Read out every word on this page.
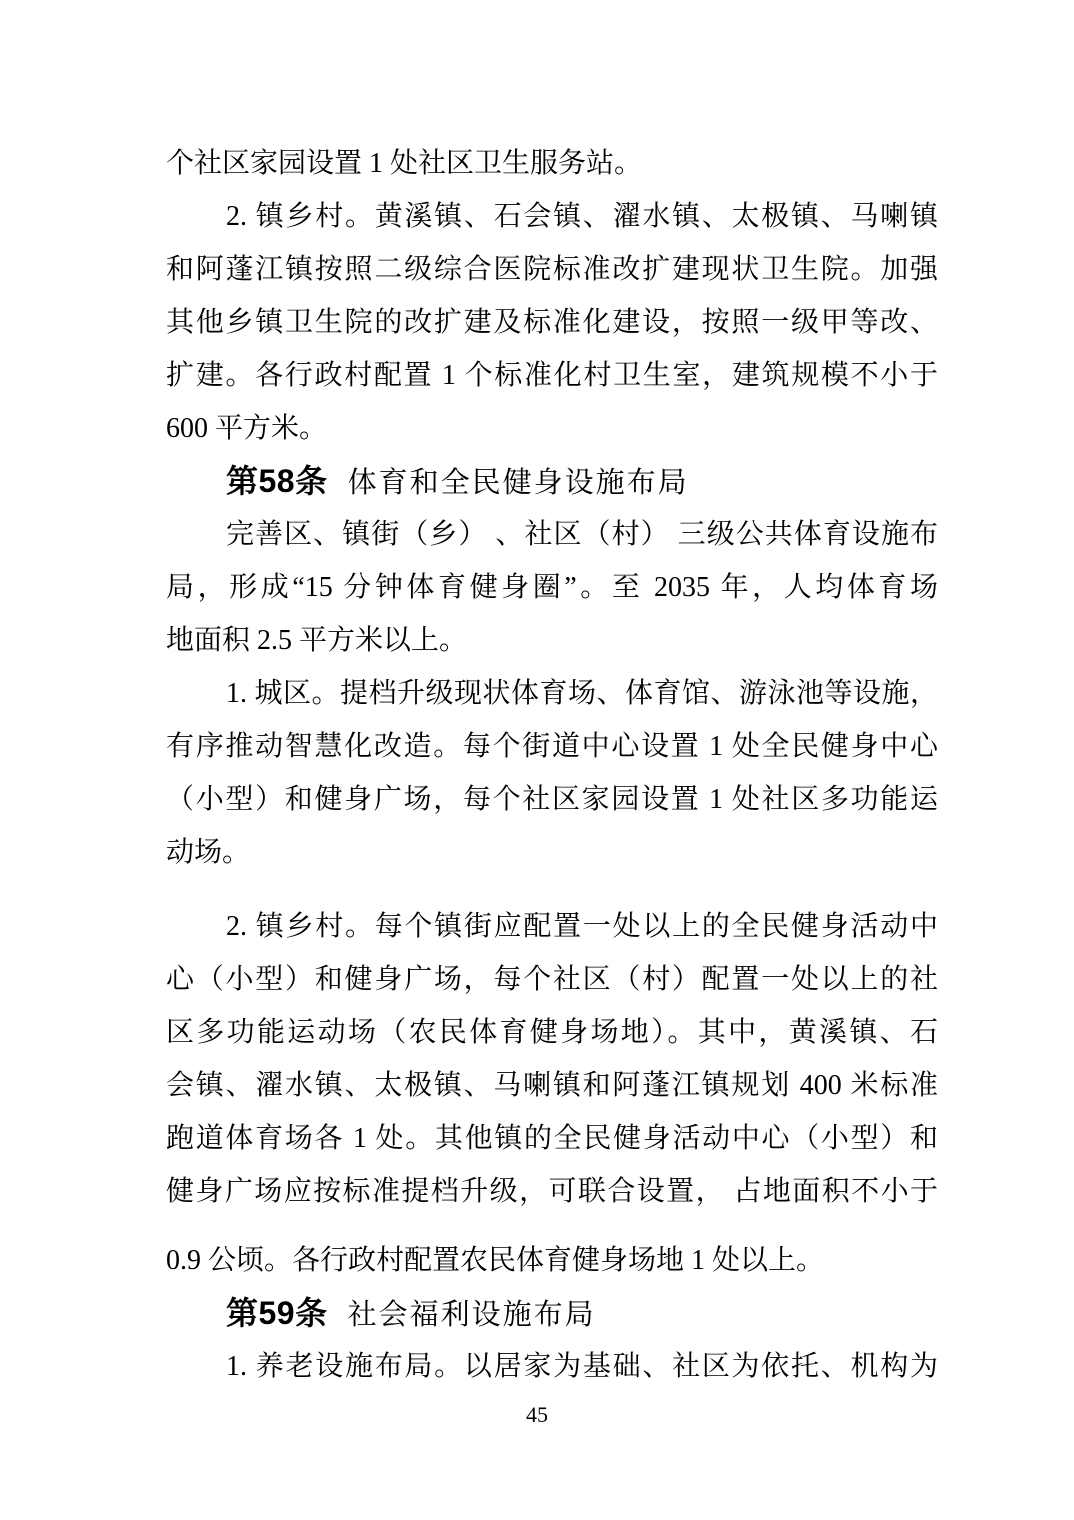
个社区家园设置 1 处社区卫生服务站。
2. 镇乡村。黄溪镇、石会镇、濯水镇、太极镇、马喇镇
和阿蓬江镇按照二级综合医院标准改扩建现状卫生院。加强
其他乡镇卫生院的改扩建及标准化建设，按照一级甲等改、
扩建。各行政村配置 1 个标准化村卫生室，建筑规模不小于
600 平方米。
第58条 体育和全民健身设施布局
完善区、镇街（乡） 、社区（村） 三级公共体育设施布
局，形成“15 分钟体育健身圈”。至 2035 年，人均体育场
地面积 2.5 平方米以上。
1. 城区。提档升级现状体育场、体育馆、游泳池等设施，
有序推动智慧化改造。每个街道中心设置 1 处全民健身中心
（小型）和健身广场，每个社区家园设置 1 处社区多功能运
动场。
2. 镇乡村。每个镇街应配置一处以上的全民健身活动中
心（小型）和健身广场，每个社区（村）配置一处以上的社
区多功能运动场（农民体育健身场地）。其中，黄溪镇、石
会镇、濯水镇、太极镇、马喇镇和阿蓬江镇规划 400 米标准
跑道体育场各 1 处。其他镇的全民健身活动中心（小型）和
健身广场应按标准提档升级，可联合设置， 占地面积不小于
0.9 公顷。各行政村配置农民体育健身场地 1 处以上。
第59条 社会福利设施布局
1. 养老设施布局。以居家为基础、社区为依托、机构为
45
